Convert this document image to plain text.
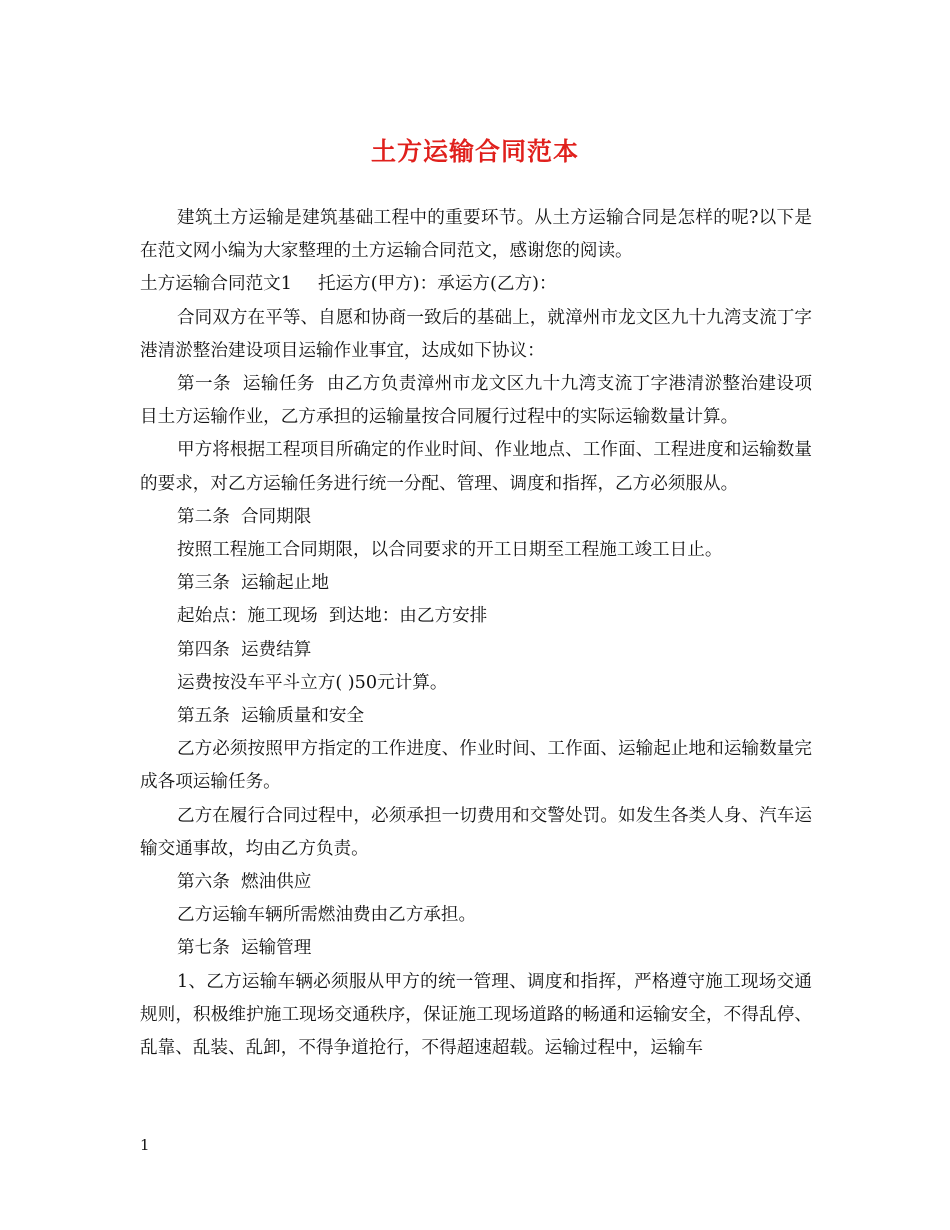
土方运输合同范本

建筑土方运输是建筑基础工程中的重要环节。从土方运输合同是怎样的呢?以下是在范文网小编为大家整理的土方运输合同范文，感谢您的阅读。

土方运输合同范文1 托运方(甲方)：承运方(乙方)：

合同双方在平等、自愿和协商一致后的基础上，就漳州市龙文区九十九湾支流丁字港清淤整治建设项目运输作业事宜，达成如下协议：

第一条  运输任务  由乙方负责漳州市龙文区九十九湾支流丁字港清淤整治建设项目土方运输作业，乙方承担的运输量按合同履行过程中的实际运输数量计算。

甲方将根据工程项目所确定的作业时间、作业地点、工作面、工程进度和运输数量的要求，对乙方运输任务进行统一分配、管理、调度和指挥，乙方必须服从。

第二条  合同期限

按照工程施工合同期限，以合同要求的开工日期至工程施工竣工日止。

第三条  运输起止地

起始点：施工现场  到达地：由乙方安排

第四条  运费结算

运费按没车平斗立方( )50元计算。

第五条  运输质量和安全

乙方必须按照甲方指定的工作进度、作业时间、工作面、运输起止地和运输数量完成各项运输任务。

乙方在履行合同过程中，必须承担一切费用和交警处罚。如发生各类人身、汽车运输交通事故，均由乙方负责。

第六条  燃油供应

乙方运输车辆所需燃油费由乙方承担。

第七条  运输管理

1、乙方运输车辆必须服从甲方的统一管理、调度和指挥，严格遵守施工现场交通规则，积极维护施工现场交通秩序，保证施工现场道路的畅通和运输安全，不得乱停、乱靠、乱装、乱卸，不得争道抢行，不得超速超载。运输过程中，运输车

1
